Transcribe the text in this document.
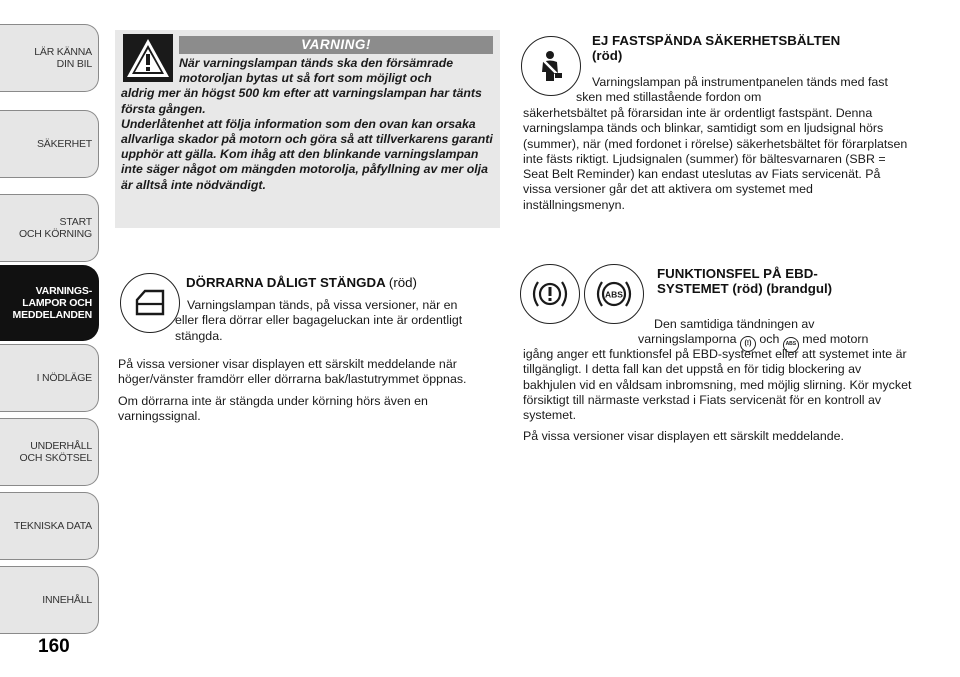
LÄR KÄNNA
DIN BIL
SÄKERHET
START
OCH KÖRNING
VARNINGS-
LAMPOR OCH
MEDDELANDEN
I NÖDLÄGE
UNDERHÅLL
OCH SKÖTSEL
TEKNISKA DATA
INNEHÅLL
160
VARNING!
När varningslampan tänds ska den försämrade motoroljan bytas ut så fort som möjligt och
aldrig mer än högst 500 km efter att varningslampan har tänts första gången.
Underlåtenhet att följa information som den ovan kan orsaka allvarliga skador på motorn och göra så att tillverkarens garanti upphör att gälla. Kom ihåg att den blinkande varningslampan inte säger något om mängden motorolja, påfyllning av mer olja är alltså inte nödvändigt.
EJ FASTSPÄNDA SÄKERHETSBÄLTEN
(röd)
Varningslampan på instrumentpanelen tänds med fast sken med stillastående fordon om
säkerhetsbältet på förarsidan inte är ordentligt fastspänt. Denna varningslampa tänds och blinkar, samtidigt som en ljudsignal hörs (summer), när (med fordonet i rörelse) säkerhetsbältet för förarplatsen inte fästs riktigt. Ljudsignalen (summer) för bältesvarnaren (SBR = Seat Belt Reminder) kan endast uteslutas av Fiats servicenät. På vissa versioner går det att aktivera om systemet med inställningsmenyn.
DÖRRARNA DÅLIGT STÄNGDA (röd)
Varningslampan tänds, på vissa versioner, när en eller flera dörrar eller bagageluckan inte är ordentligt stängda.

På vissa versioner visar displayen ett särskilt meddelande när höger/vänster framdörr eller dörrarna bak/lastutrymmet öppnas.

Om dörrarna inte är stängda under körning hörs även en varningssignal.

ABS
FUNKTIONSFEL PÅ EBD-
SYSTEMET (röd) (brandgul)
Den samtidiga tändningen av
varningslamporna (!) och ABS med motorn

igång anger ett funktionsfel på EBD-systemet eller att systemet inte är tillgängligt. I detta fall kan det uppstå en för tidig blockering av bakhjulen vid en våldsam inbromsning, med möjlig slirning. Kör mycket försiktigt till närmaste verkstad i Fiats servicenät för en kontroll av systemet.

På vissa versioner visar displayen ett särskilt meddelande.
